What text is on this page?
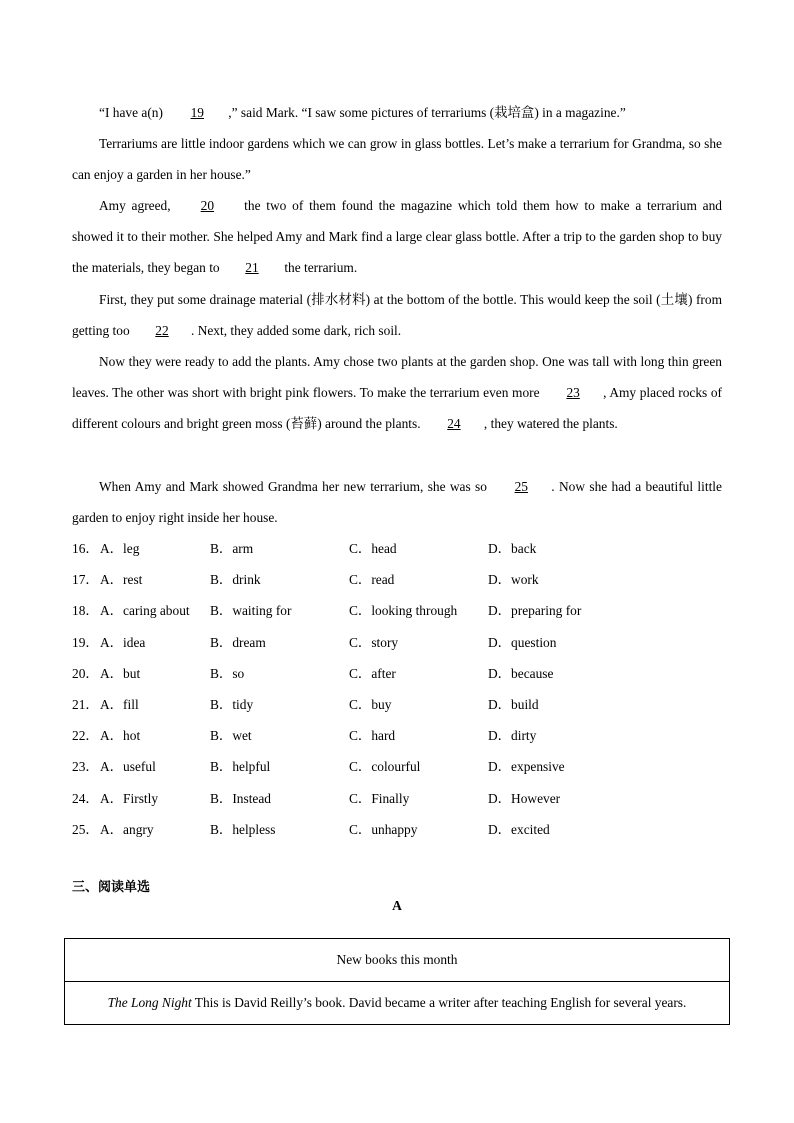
“I have a(n) 19 ,” said Mark. “I saw some pictures of terrariums (栽培盒) in a magazine.”

Terrariums are little indoor gardens which we can grow in glass bottles. Let’s make a terrarium for Grandma, so she can enjoy a garden in her house.”

Amy agreed, 20 the two of them found the magazine which told them how to make a terrarium and showed it to their mother. She helped Amy and Mark find a large clear glass bottle. After a trip to the garden shop to buy the materials, they began to 21 the terrarium.

First, they put some drainage material (排水材料) at the bottom of the bottle. This would keep the soil (土壤) from getting too 22 . Next, they added some dark, rich soil.

Now they were ready to add the plants. Amy chose two plants at the garden shop. One was tall with long thin green leaves. The other was short with bright pink flowers. To make the terrarium even more 23 , Amy placed rocks of different colours and bright green moss (苔藓) around the plants. 24 , they watered the plants.

When Amy and Mark showed Grandma her new terrarium, she was so 25 . Now she had a beautiful little garden to enjoy right inside her house.

16． A．leg	B．arm	C．head	D．back
17． A．rest	B．drink	C．read	D．work
18． A．caring about B．waiting for	C．looking through D．preparing for
19． A．idea	B．dream	C．story	D．question
20． A．but	B．so	C．after	D．because
21． A．fill	B．tidy	C．buy	D．build
22． A．hot	B．wet	C．hard	D．dirty
23． A．useful	B．helpful	C．colourful	D．expensive
24． A．Firstly	B．Instead	C．Finally	D．However
25． A．angry	B．helpless	C．unhappy	D．excited
三、阅读单选
A
New books this month
The Long Night This is David Reilly’s book. David became a writer after teaching English for several years.
